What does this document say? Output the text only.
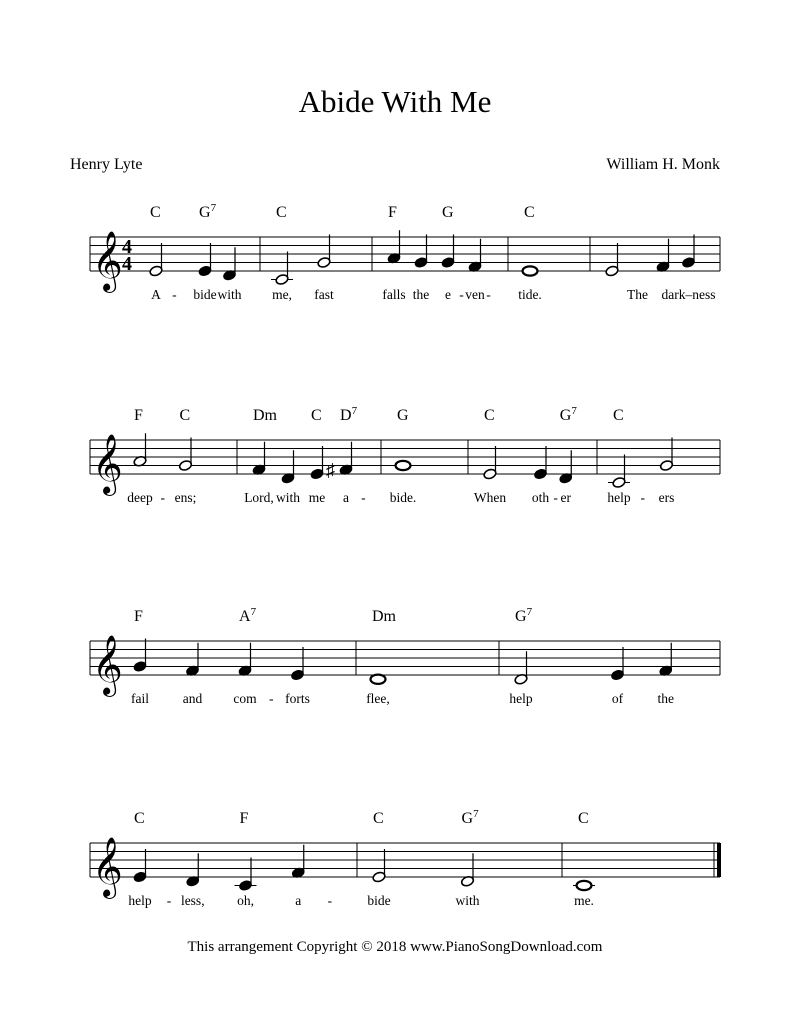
Abide With Me
Henry Lyte	William H. Monk
𝄞 4
4
C $G^7$
A - bide with
C
me, fast
F	G
falls the e - ven -
C
tide.	The dark–ness
𝄞
F C
deep - ens;
♯
Dm C $D^7$
Lord, with me a -
G
bide.
C	$G^7$
When oth - er
C
help - ers
𝄞
F	$A^7$
fail	and com - forts
Dm
flee,
$G^7$
help	of	the
𝄞
C	F
help - less, oh,	a -
C	$G^7$
bide	with
C
me.
This arrangement Copyright © 2018 www.PianoSongDownload.com
